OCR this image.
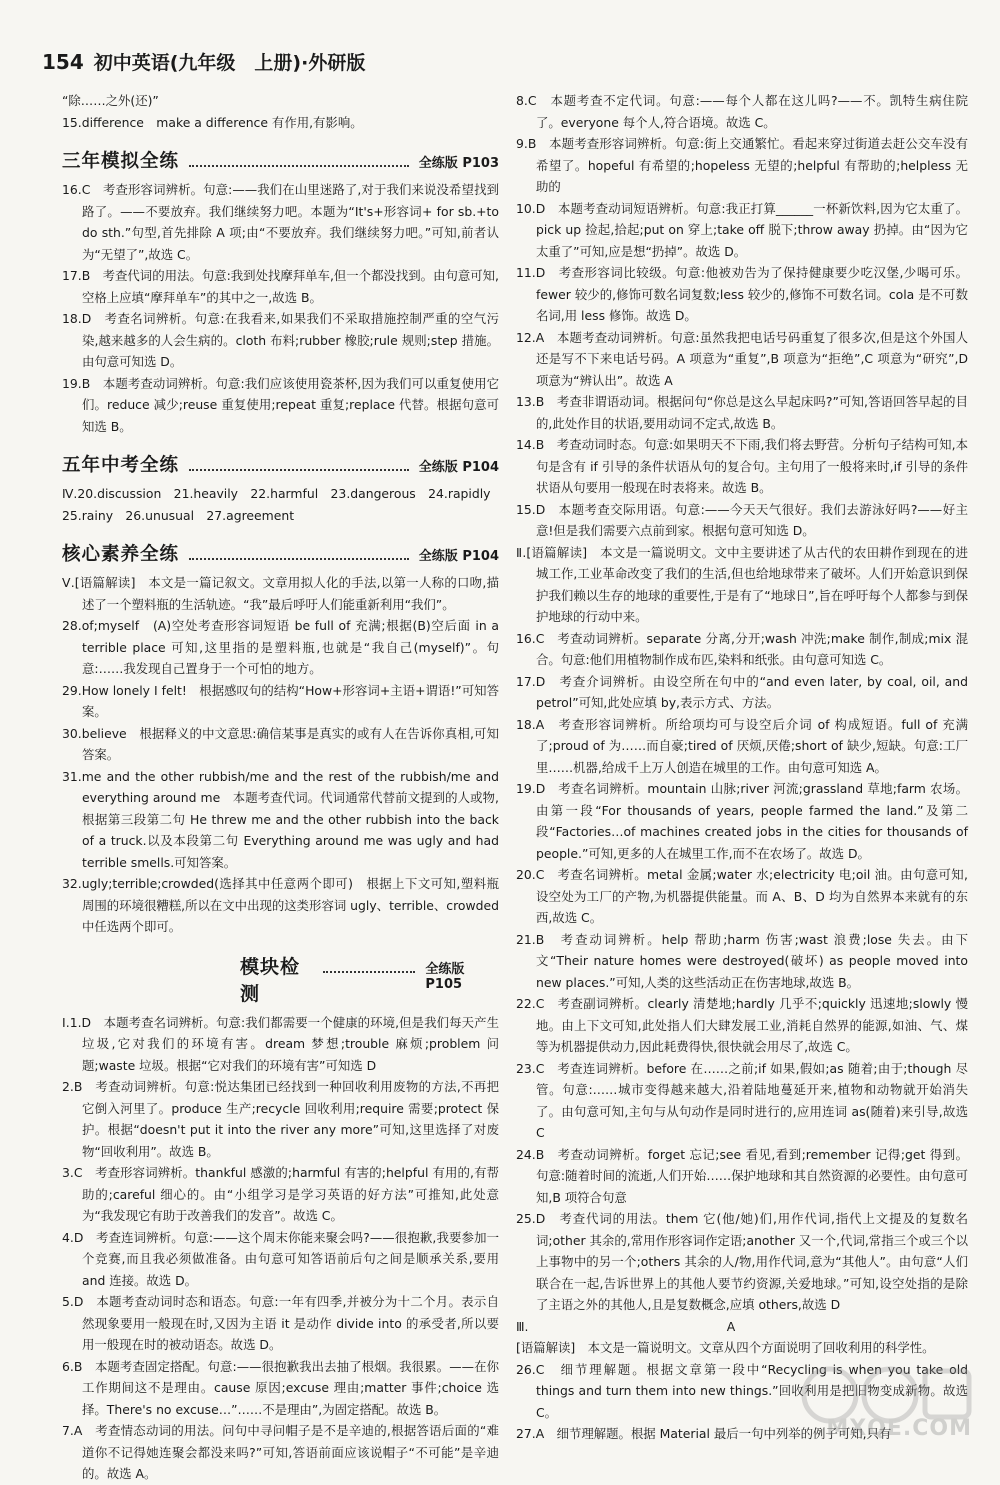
154 初中英语(九年级　上册)·外研版
“除……之外(还)”
15.difference　make a difference 有作用,有影响。
三年模拟全练	全练版 P103
16.C　考查形容词辨析。句意:——我们在山里迷路了,对于我们来说没希望找到路了。——不要放弃。我们继续努力吧。本题为“It's+形容词+ for sb.+to do sth.”句型,首先排除 A 项;由“不要放弃。我们继续努力吧。”可知,前者认为“无望了”,故选 C。
17.B　考查代词的用法。句意:我到处找摩拜单车,但一个都没找到。由句意可知,空格上应填“摩拜单车”的其中之一,故选 B。
18.D　考查名词辨析。句意:在我看来,如果我们不采取措施控制严重的空气污染,越来越多的人会生病的。cloth 布料;rubber 橡胶;rule 规则;step 措施。由句意可知选 D。
19.B　本题考查动词辨析。句意:我们应该使用瓷茶杯,因为我们可以重复使用它们。reduce 减少;reuse 重复使用;repeat 重复;replace 代替。根据句意可知选 B。
五年中考全练	全练版 P104
Ⅳ.20.discussion　21.heavily　22.harmful　23.dangerous　24.rapidly
25.rainy　26.unusual　27.agreement
核心素养全练	全练版 P104
Ⅴ.[语篇解读]　本文是一篇记叙文。文章用拟人化的手法,以第一人称的口吻,描述了一个塑料瓶的生活轨迹。“我”最后呼吁人们能重新利用“我们”。
28.of;myself　(A)空处考查形容词短语 be full of 充满;根据(B)空后面 in a terrible place 可知,这里指的是塑料瓶,也就是“我自己(myself)”。句意:……我发现自己置身于一个可怕的地方。
29.How lonely I felt!　根据感叹句的结构“How+形容词+主语+谓语!”可知答案。
30.believe　根据释义的中文意思:确信某事是真实的或有人在告诉你真相,可知答案。
31.me and the other rubbish/me and the rest of the rubbish/me and everything around me　本题考查代词。代词通常代替前文提到的人或物,根据第三段第二句 He threw me and the other rubbish into the back of a truck.以及本段第二句 Everything around me was ugly and had terrible smells.可知答案。
32.ugly;terrible;crowded(选择其中任意两个即可)　根据上下文可知,塑料瓶周围的环境很糟糕,所以在文中出现的这类形容词 ugly、terrible、crowded 中任选两个即可。
模块检测
全练版 P105
Ⅰ.1.D　本题考查名词辨析。句意:我们都需要一个健康的环境,但是我们每天产生垃圾,它对我们的环境有害。dream 梦想;trouble 麻烦;problem 问题;waste 垃圾。根据“它对我们的环境有害”可知选 D
2.B　考查动词辨析。句意:悦达集团已经找到一种回收利用废物的方法,不再把它倒入河里了。produce 生产;recycle 回收利用;require 需要;protect 保护。根据“doesn't put it into the river any more”可知,这里选择了对废物“回收利用”。故选 B。
3.C　考查形容词辨析。thankful 感激的;harmful 有害的;helpful 有用的,有帮助的;careful 细心的。由“小组学习是学习英语的好方法”可推知,此处意为“我发现它有助于改善我们的发音”。故选 C。
4.D　考查连词辨析。句意:——这个周末你能来聚会吗?——很抱歉,我要参加一个竞赛,而且我必须做准备。由句意可知答语前后句之间是顺承关系,要用 and 连接。故选 D。
5.D　本题考查动词时态和语态。句意:一年有四季,并被分为十二个月。表示自然现象要用一般现在时,又因为主语 it 是动作 divide into 的承受者,所以要用一般现在时的被动语态。故选 D。
6.B　本题考查固定搭配。句意:——很抱歉我出去抽了根烟。我很累。——在你工作期间这不是理由。cause 原因;excuse 理由;matter 事件;choice 选择。There's no excuse…”……不是理由”,为固定搭配。故选 B。
7.A　考查情态动词的用法。问句中寻问帽子是不是辛迪的,根据答语后面的“难道你不记得她连聚会都没来吗?”可知,答语前面应该说帽子“不可能”是辛迪的。故选 A。
8.C　本题考查不定代词。句意:——每个人都在这儿吗?——不。凯特生病住院了。everyone 每个人,符合语境。故选 C。
9.B　本题考查形容词辨析。句意:街上交通繁忙。看起来穿过街道去赶公交车没有希望了。hopeful 有希望的;hopeless 无望的;helpful 有帮助的;helpless 无助的
10.D　本题考查动词短语辨析。句意:我正打算______一杯新饮料,因为它太重了。pick up 捡起,拾起;put on 穿上;take off 脱下;throw away 扔掉。由“因为它太重了”可知,应是想“扔掉”。故选 D。
11.D　考查形容词比较级。句意:他被劝告为了保持健康要少吃汉堡,少喝可乐。fewer 较少的,修饰可数名词复数;less 较少的,修饰不可数名词。cola 是不可数名词,用 less 修饰。故选 D。
12.A　本题考查动词辨析。句意:虽然我把电话号码重复了很多次,但是这个外国人还是写不下来电话号码。A 项意为“重复”,B 项意为“拒绝”,C 项意为“研究”,D 项意为“辨认出”。故选 A
13.B　考查非谓语动词。根据问句“你总是这么早起床吗?”可知,答语回答早起的目的,此处作目的状语,要用动词不定式,故选 B。
14.B　考查动词时态。句意:如果明天不下雨,我们将去野营。分析句子结构可知,本句是含有 if 引导的条件状语从句的复合句。主句用了一般将来时,if 引导的条件状语从句要用一般现在时表将来。故选 B。
15.D　本题考查交际用语。句意:——今天天气很好。我们去游泳好吗?——好主意!但是我们需要六点前到家。根据句意可知选 D。
Ⅱ.[语篇解读]　本文是一篇说明文。文中主要讲述了从古代的农田耕作到现在的进城工作,工业革命改变了我们的生活,但也给地球带来了破坏。人们开始意识到保护我们赖以生存的地球的重要性,于是有了“地球日”,旨在呼吁每个人都参与到保护地球的行动中来。
16.C　考查动词辨析。separate 分离,分开;wash 冲洗;make 制作,制成;mix 混合。句意:他们用植物制作成布匹,染料和纸张。由句意可知选 C。
17.D　考查介词辨析。由设空所在句中的“and even later, by coal, oil, and petrol”可知,此处应填 by,表示方式、方法。
18.A　考查形容词辨析。所给项均可与设空后介词 of 构成短语。full of 充满了;proud of 为……而自豪;tired of 厌烦,厌倦;short of 缺少,短缺。句意:工厂里……机器,给成千上万人创造在城里的工作。由句意可知选 A。
19.D　考查名词辨析。mountain 山脉;river 河流;grassland 草地;farm 农场。由第一段“For thousands of years, people farmed the land.”及第二段“Factories…of machines created jobs in the cities for thousands of people.”可知,更多的人在城里工作,而不在农场了。故选 D。
20.C　考查名词辨析。metal 金属;water 水;electricity 电;oil 油。由句意可知,设空处为工厂的产物,为机器提供能量。而 A、B、D 均为自然界本来就有的东西,故选 C。
21.B　考查动词辨析。help 帮助;harm 伤害;wast 浪费;lose 失去。由下文“Their nature homes were destroyed(破坏) as people moved into new places.”可知,人类的这些活动正在伤害地球,故选 B。
22.C　考查副词辨析。clearly 清楚地;hardly 几乎不;quickly 迅速地;slowly 慢地。由上下文可知,此处指人们大肆发展工业,消耗自然界的能源,如油、气、煤等为机器提供动力,因此耗费得快,很快就会用尽了,故选 C。
23.C　考查连词辨析。before 在……之前;if 如果,假如;as 随着;由于;though 尽管。句意:……城市变得越来越大,沿着陆地蔓延开来,植物和动物就开始消失了。由句意可知,主句与从句动作是同时进行的,应用连词 as(随着)来引导,故选 C
24.B　考查动词辨析。forget 忘记;see 看见,看到;remember 记得;get 得到。句意:随着时间的流逝,人们开始……保护地球和其自然资源的必要性。由句意可知,B 项符合句意
25.D　考查代词的用法。them 它(他/她)们,用作代词,指代上文提及的复数名词;other 其余的,常用作形容词作定语;another 又一个,代词,常指三个或三个以上事物中的另一个;others 其余的人/物,用作代词,意为“其他人”。由句意“人们联合在一起,告诉世界上的其他人要节约资源,关爱地球。”可知,设空处指的是除了主语之外的其他人,且是复数概念,应填 others,故选 D
Ⅲ.　　　　　　　　　　　　　　　　A
[语篇解读]　本文是一篇说明文。文章从四个方面说明了回收利用的科学性。
26.C　细节理解题。根据文章第一段中“Recycling is when you take old things and turn them into new things.”回收利用是把旧物变成新物。故选 C。
27.A　细节理解题。根据 Material 最后一句中列举的例子可知,只有
MXQE.COM
